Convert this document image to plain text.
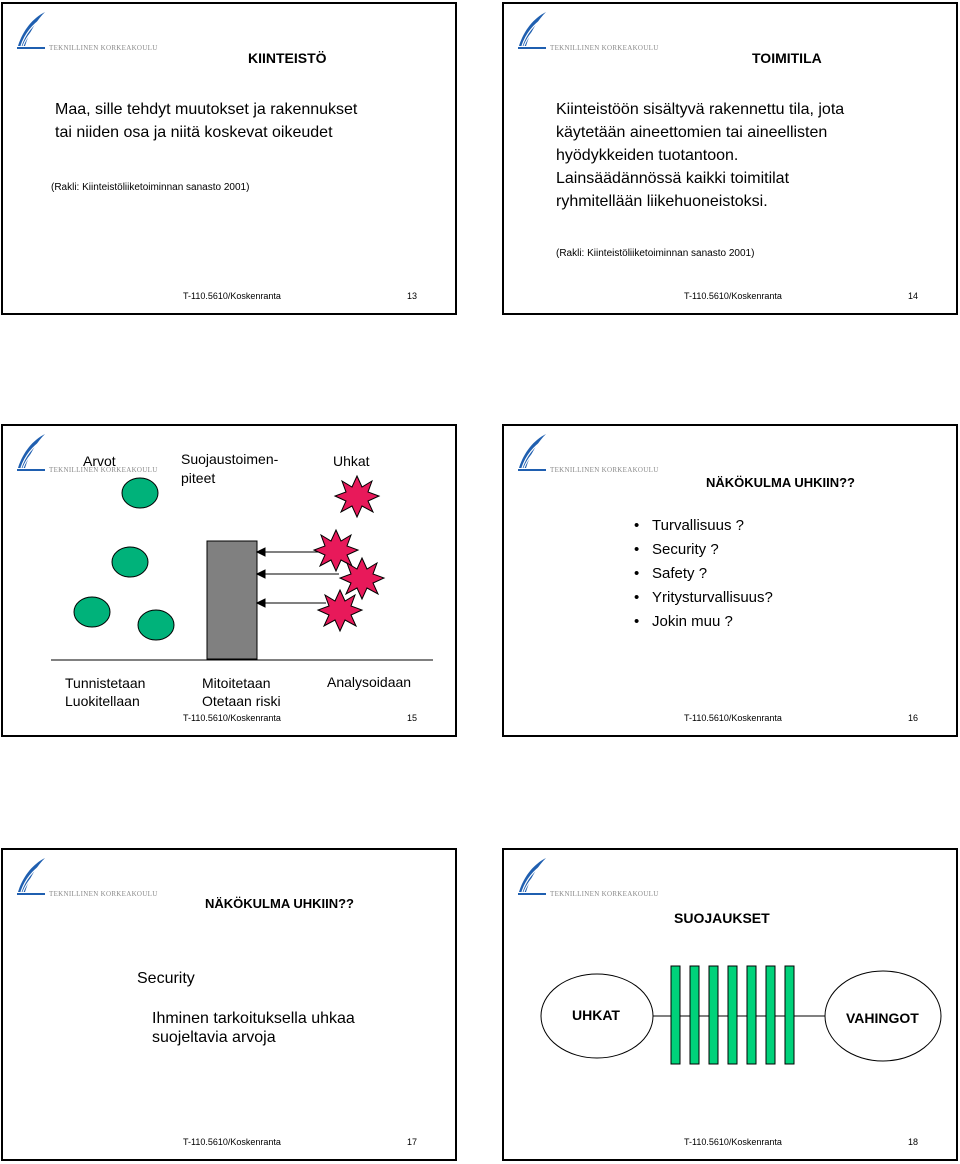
TEKNILLINEN KORKEAKOULU
KIINTEISTÖ
Maa, sille tehdyt muutokset ja rakennukset
tai niiden osa ja niitä koskevat oikeudet
(Rakli: Kiinteistöliiketoiminnan sanasto 2001)
T-110.5610/Koskenranta	13
TEKNILLINEN KORKEAKOULU
TOIMITILA
Kiinteistöön sisältyvä rakennettu tila, jota
käytetään aineettomien tai aineellisten
hyödykkeiden tuotantoon.
Lainsäädännössä kaikki toimitilat
ryhmitellään liikehuoneistoksi.
(Rakli: Kiinteistöliiketoiminnan sanasto 2001)
T-110.5610/Koskenranta	14
TEKNILLINEN KORKEAKOULU
Arvot	Suojaustoimen-
piteet
Uhkat
Tunnistetaan
Luokitellaan
Mitoitetaan
Otetaan riski
Analysoidaan
T-110.5610/Koskenranta	15
TEKNILLINEN KORKEAKOULU
NÄKÖKULMA UHKIIN??
• Turvallisuus ?
• Security ?
• Safety ?
• Yritysturvallisuus?
• Jokin muu ?
T-110.5610/Koskenranta	16
TEKNILLINEN KORKEAKOULU
NÄKÖKULMA UHKIIN??
Security
Ihminen tarkoituksella uhkaa
suojeltavia arvoja
T-110.5610/Koskenranta	17
TEKNILLINEN KORKEAKOULU
SUOJAUKSET
UHKAT	VAHINGOT
T-110.5610/Koskenranta	18
